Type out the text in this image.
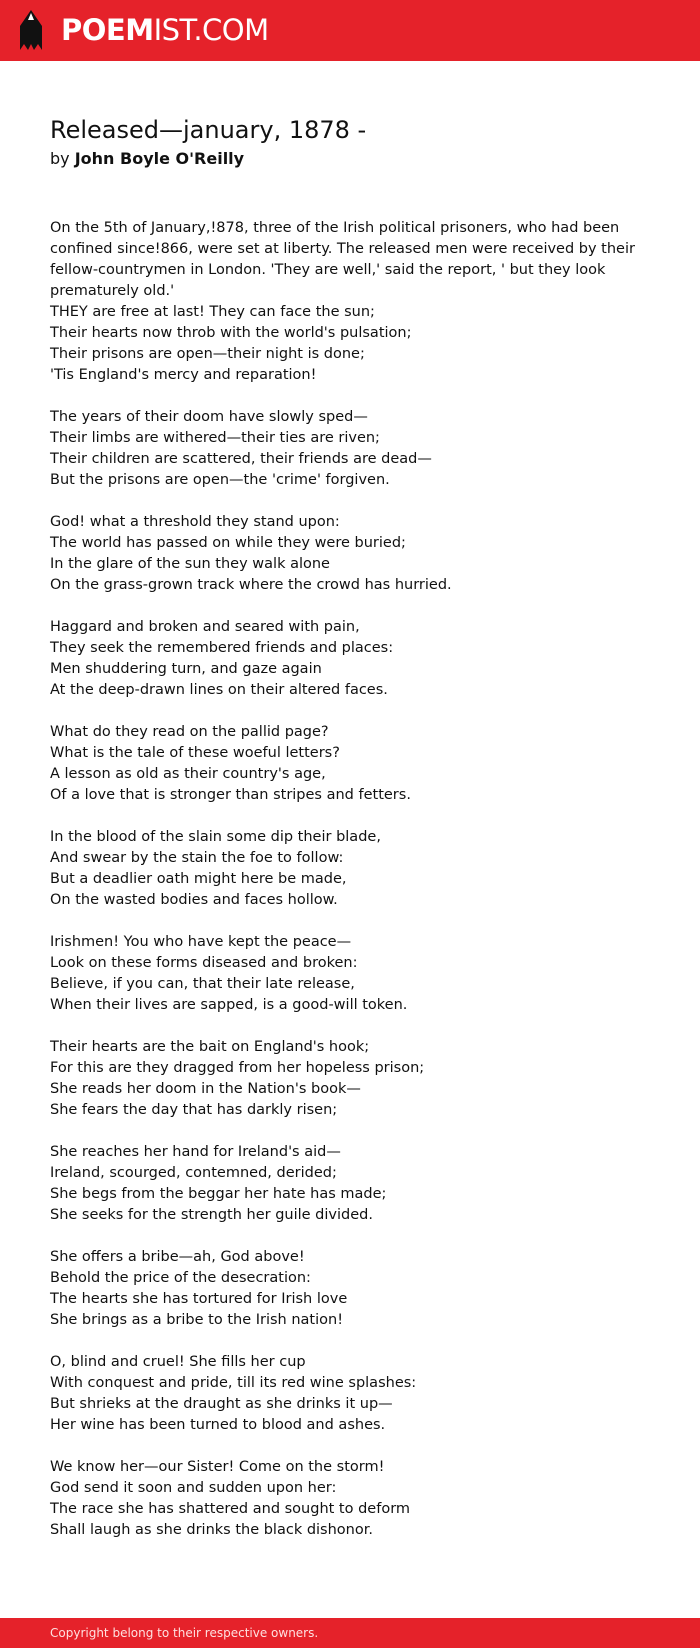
POEMIST.COM
Released—january, 1878 -
by John Boyle O'Reilly

On the 5th of January,!878, three of the Irish political prisoners, who had been confined since!866, were set at liberty. The released men were received by their fellow-countrymen in London. 'They are well,' said the report, ' but they look prematurely old.'
THEY are free at last! They can face the sun;
Their hearts now throb with the world's pulsation;
Their prisons are open—their night is done;
'Tis England's mercy and reparation!

The years of their doom have slowly sped—
Their limbs are withered—their ties are riven;
Their children are scattered, their friends are dead—
But the prisons are open—the 'crime' forgiven.

God! what a threshold they stand upon:
The world has passed on while they were buried;
In the glare of the sun they walk alone
On the grass-grown track where the crowd has hurried.

Haggard and broken and seared with pain,
They seek the remembered friends and places:
Men shuddering turn, and gaze again
At the deep-drawn lines on their altered faces.

What do they read on the pallid page?
What is the tale of these woeful letters?
A lesson as old as their country's age,
Of a love that is stronger than stripes and fetters.

In the blood of the slain some dip their blade,
And swear by the stain the foe to follow:
But a deadlier oath might here be made,
On the wasted bodies and faces hollow.

Irishmen! You who have kept the peace—
Look on these forms diseased and broken:
Believe, if you can, that their late release,
When their lives are sapped, is a good-will token.

Their hearts are the bait on England's hook;
For this are they dragged from her hopeless prison;
She reads her doom in the Nation's book—
She fears the day that has darkly risen;

She reaches her hand for Ireland's aid—
Ireland, scourged, contemned, derided;
She begs from the beggar her hate has made;
She seeks for the strength her guile divided.

She offers a bribe—ah, God above!
Behold the price of the desecration:
The hearts she has tortured for Irish love
She brings as a bribe to the Irish nation!

O, blind and cruel! She fills her cup
With conquest and pride, till its red wine splashes:
But shrieks at the draught as she drinks it up—
Her wine has been turned to blood and ashes.

We know her—our Sister! Come on the storm!
God send it soon and sudden upon her:
The race she has shattered and sought to deform
Shall laugh as she drinks the black dishonor.

Copyright belong to their respective owners.
